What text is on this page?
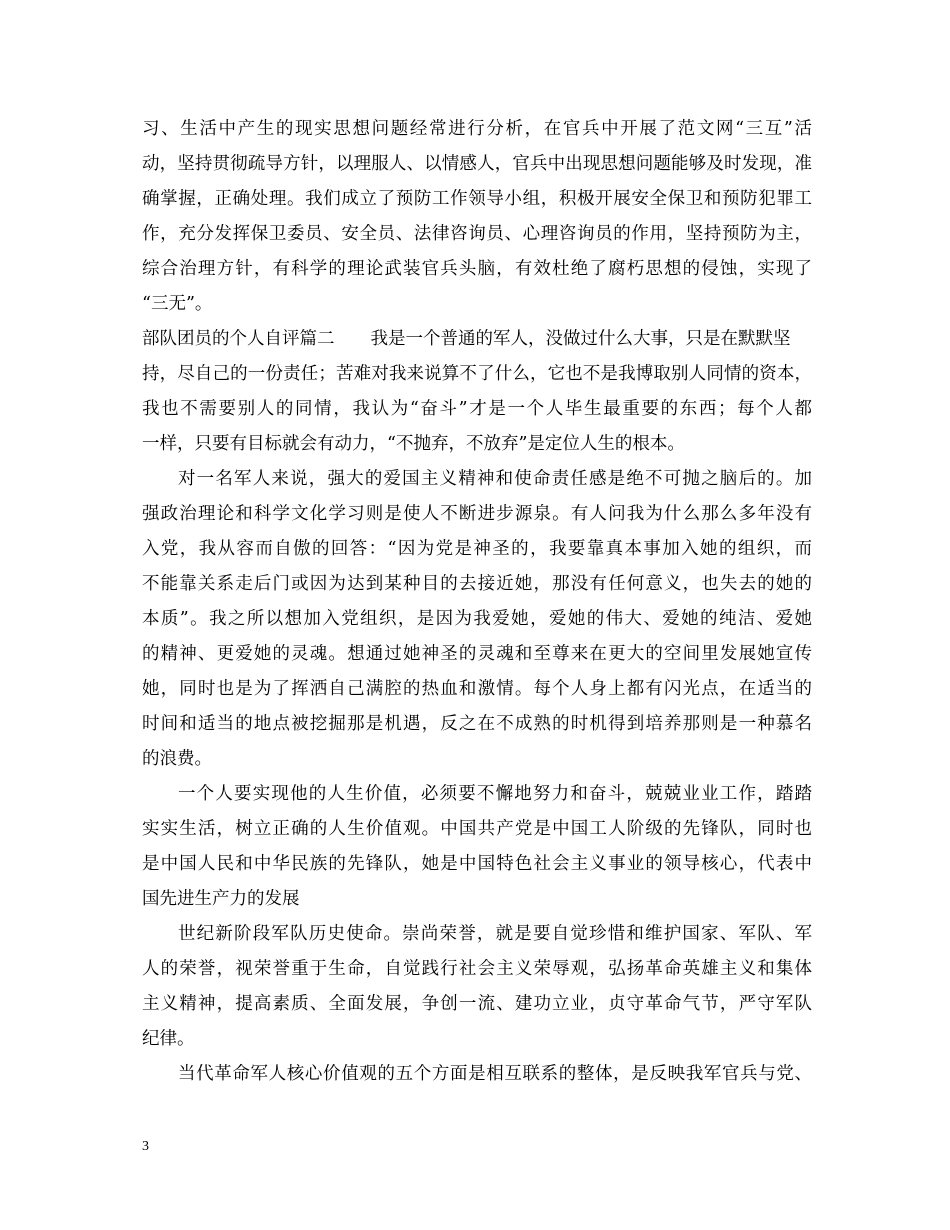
习、生活中产生的现实思想问题经常进行分析，在官兵中开展了范文网“三互”活
动，坚持贯彻疏导方针，以理服人、以情感人，官兵中出现思想问题能够及时发现，准
确掌握，正确处理。我们成立了预防工作领导小组，积极开展安全保卫和预防犯罪工
作，充分发挥保卫委员、安全员、法律咨询员、心理咨询员的作用，坚持预防为主，
综合治理方针，有科学的理论武装官兵头脑，有效杜绝了腐朽思想的侵蚀，实现了
“三无”。
部队团员的个人自评篇二 我是一个普通的军人，没做过什么大事，只是在默默坚
持，尽自己的一份责任；苦难对我来说算不了什么，它也不是我博取别人同情的资本，
我也不需要别人的同情，我认为“奋斗”才是一个人毕生最重要的东西；每个人都
一样，只要有目标就会有动力，“不抛弃，不放弃”是定位人生的根本。
对一名军人来说，强大的爱国主义精神和使命责任感是绝不可抛之脑后的。加
强政治理论和科学文化学习则是使人不断进步源泉。有人问我为什么那么多年没有
入党，我从容而自傲的回答：“因为党是神圣的，我要靠真本事加入她的组织，而
不能靠关系走后门或因为达到某种目的去接近她，那没有任何意义，也失去的她的
本质”。我之所以想加入党组织，是因为我爱她，爱她的伟大、爱她的纯洁、爱她
的精神、更爱她的灵魂。想通过她神圣的灵魂和至尊来在更大的空间里发展她宣传
她，同时也是为了挥洒自己满腔的热血和激情。每个人身上都有闪光点，在适当的
时间和适当的地点被挖掘那是机遇，反之在不成熟的时机得到培养那则是一种慕名
的浪费。
一个人要实现他的人生价值，必须要不懈地努力和奋斗，兢兢业业工作，踏踏
实实生活，树立正确的人生价值观。中国共产党是中国工人阶级的先锋队，同时也
是中国人民和中华民族的先锋队，她是中国特色社会主义事业的领导核心，代表中
国先进生产力的发展
世纪新阶段军队历史使命。崇尚荣誉，就是要自觉珍惜和维护国家、军队、军
人的荣誉，视荣誉重于生命，自觉践行社会主义荣辱观，弘扬革命英雄主义和集体
主义精神，提高素质、全面发展，争创一流、建功立业，贞守革命气节，严守军队
纪律。
当代革命军人核心价值观的五个方面是相互联系的整体，是反映我军官兵与党、
3
